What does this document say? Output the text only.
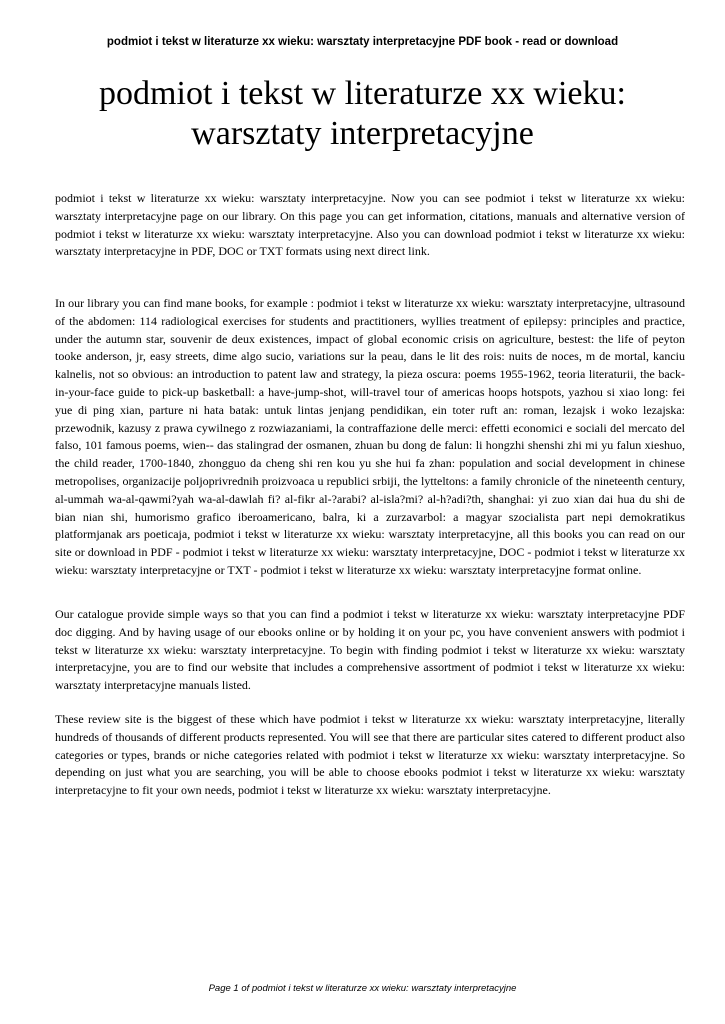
podmiot i tekst w literaturze xx wieku: warsztaty interpretacyjne PDF book - read or download
podmiot i tekst w literaturze xx wieku: warsztaty interpretacyjne

podmiot i tekst w literaturze xx wieku: warsztaty interpretacyjne. Now you can see podmiot i tekst w literaturze xx wieku: warsztaty interpretacyjne page on our library. On this page you can get information, citations, manuals and alternative version of podmiot i tekst w literaturze xx wieku: warsztaty interpretacyjne. Also you can download podmiot i tekst w literaturze xx wieku: warsztaty interpretacyjne in PDF, DOC or TXT formats using next direct link.

In our library you can find mane books, for example : podmiot i tekst w literaturze xx wieku: warsztaty interpretacyjne, ultrasound of the abdomen: 114 radiological exercises for students and practitioners, wyllies treatment of epilepsy: principles and practice, under the autumn star, souvenir de deux existences, impact of global economic crisis on agriculture, bestest: the life of peyton tooke anderson, jr, easy streets, dime algo sucio, variations sur la peau, dans le lit des rois: nuits de noces, m de mortal, kanciu kalnelis, not so obvious: an introduction to patent law and strategy, la pieza oscura: poems 1955-1962, teoria literaturii, the back-in-your-face guide to pick-up basketball: a have-jump-shot, will-travel tour of americas hoops hotspots, yazhou si xiao long: fei yue di ping xian, parture ni hata batak: untuk lintas jenjang pendidikan, ein toter ruft an: roman, lezajsk i woko lezajska: przewodnik, kazusy z prawa cywilnego z rozwiazaniami, la contraffazione delle merci: effetti economici e sociali del mercato del falso, 101 famous poems, wien-- das stalingrad der osmanen, zhuan bu dong de falun: li hongzhi shenshi zhi mi yu falun xieshuo, the child reader, 1700-1840, zhongguo da cheng shi ren kou yu she hui fa zhan: population and social development in chinese metropolises, organizacije poljoprivrednih proizvoaca u republici srbiji, the lytteltons: a family chronicle of the nineteenth century, al-ummah wa-al-qawmi?yah wa-al-dawlah fi? al-fikr al-?arabi? al-isla?mi? al-h?adi?th, shanghai: yi zuo xian dai hua du shi de bian nian shi, humorismo grafico iberoamericano, balra, ki a zurzavarbol: a magyar szocialista part nepi demokratikus platformjanak ars poeticaja, podmiot i tekst w literaturze xx wieku: warsztaty interpretacyjne, all this books you can read on our site or download in PDF - podmiot i tekst w literaturze xx wieku: warsztaty interpretacyjne, DOC - podmiot i tekst w literaturze xx wieku: warsztaty interpretacyjne or TXT - podmiot i tekst w literaturze xx wieku: warsztaty interpretacyjne format online.

Our catalogue provide simple ways so that you can find a podmiot i tekst w literaturze xx wieku: warsztaty interpretacyjne PDF doc digging. And by having usage of our ebooks online or by holding it on your pc, you have convenient answers with podmiot i tekst w literaturze xx wieku: warsztaty interpretacyjne. To begin with finding podmiot i tekst w literaturze xx wieku: warsztaty interpretacyjne, you are to find our website that includes a comprehensive assortment of podmiot i tekst w literaturze xx wieku: warsztaty interpretacyjne manuals listed.

These review site is the biggest of these which have podmiot i tekst w literaturze xx wieku: warsztaty interpretacyjne, literally hundreds of thousands of different products represented. You will see that there are particular sites catered to different product also categories or types, brands or niche categories related with podmiot i tekst w literaturze xx wieku: warsztaty interpretacyjne. So depending on just what you are searching, you will be able to choose ebooks podmiot i tekst w literaturze xx wieku: warsztaty interpretacyjne to fit your own needs, podmiot i tekst w literaturze xx wieku: warsztaty interpretacyjne.

Page 1 of podmiot i tekst w literaturze xx wieku: warsztaty interpretacyjne
